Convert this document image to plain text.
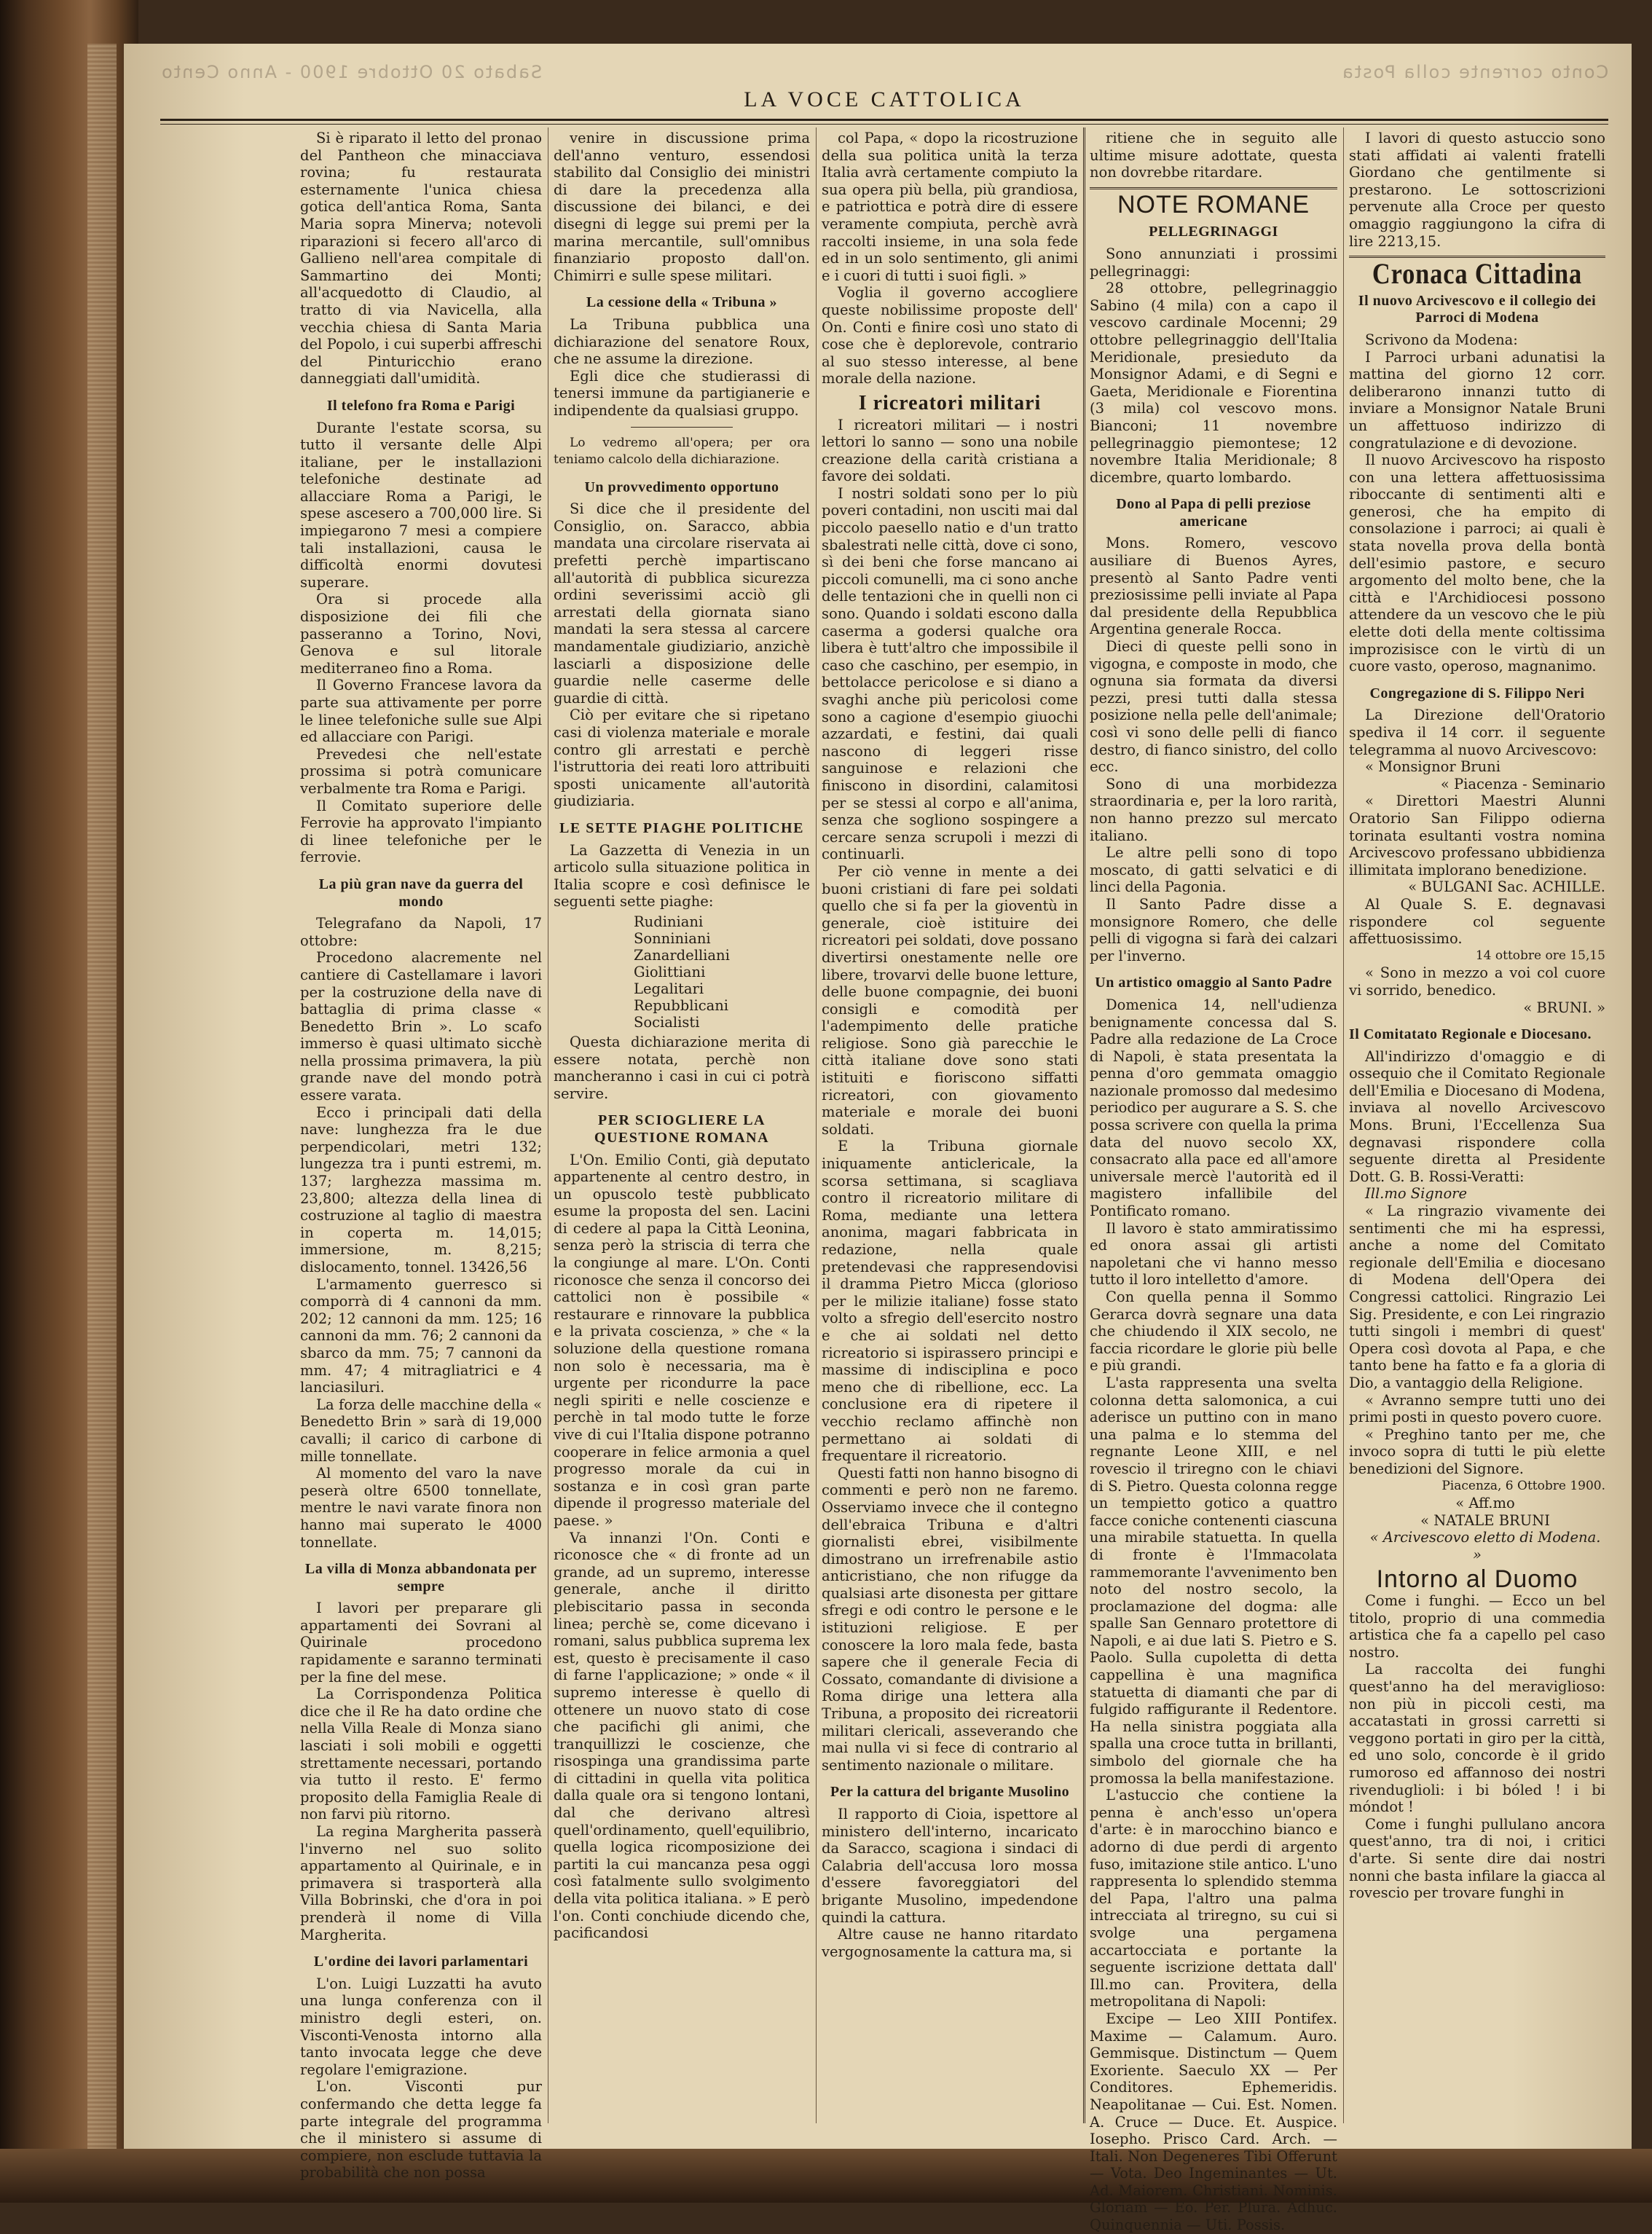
Sabato 20 Ottobre 1900 - Anno Cento	Conto corrente colla Posta
LA VOCE CATTOLICA

Si è riparato il letto del pronao del Pantheon che minacciava rovina; fu restaurata esternamente l'unica chiesa gotica dell'antica Roma, Santa Maria sopra Minerva; notevoli riparazioni si fecero all'arco di Gallieno nell'area compitale di Sammartino dei Monti; all'acquedotto di Claudio, al tratto di via Navicella, alla vecchia chiesa di Santa Maria del Popolo, i cui superbi affreschi del Pinturicchio erano danneggiati dall'umidità.

Il telefono fra Roma e Parigi

Durante l'estate scorsa, su tutto il versante delle Alpi italiane, per le installazioni telefoniche destinate ad allacciare Roma a Parigi, le spese ascesero a 700,000 lire. Si impiegarono 7 mesi a compiere tali installazioni, causa le difficoltà enormi dovutesi superare.

Ora si procede alla disposizione dei fili che passeranno a Torino, Novi, Genova e sul litorale mediterraneo fino a Roma.

Il Governo Francese lavora da parte sua attivamente per porre le linee telefoniche sulle sue Alpi ed allacciare con Parigi.

Prevedesi che nell'estate prossima si potrà comunicare verbalmente tra Roma e Parigi.

Il Comitato superiore delle Ferrovie ha approvato l'impianto di linee telefoniche per le ferrovie.

La più gran nave da guerra del mondo

Telegrafano da Napoli, 17 ottobre:

Procedono alacremente nel cantiere di Castellamare i lavori per la costruzione della nave di battaglia di prima classe « Benedetto Brin ». Lo scafo immerso è quasi ultimato sicchè nella prossima primavera, la più grande nave del mondo potrà essere varata.

Ecco i principali dati della nave: lunghezza fra le due perpendicolari, metri 132; lungezza tra i punti estremi, m. 137; larghezza massima m. 23,800; altezza della linea di costruzione al taglio di maestra in coperta m. 14,015; immersione, m. 8,215; dislocamento, tonnel. 13426,56

L'armamento guerresco si comporrà di 4 cannoni da mm. 202; 12 cannoni da mm. 125; 16 cannoni da mm. 76; 2 cannoni da sbarco da mm. 75; 7 cannoni da mm. 47; 4 mitragliatrici e 4 lanciasiluri.

La forza delle macchine della « Benedetto Brin » sarà di 19,000 cavalli; il carico di carbone di mille tonnellate.

Al momento del varo la nave peserà oltre 6500 tonnellate, mentre le navi varate finora non hanno mai superato le 4000 tonnellate.

La villa di Monza abbandonata per sempre

I lavori per preparare gli appartamenti dei Sovrani al Quirinale procedono rapidamente e saranno terminati per la fine del mese.

La Corrispondenza Politica dice che il Re ha dato ordine che nella Villa Reale di Monza siano lasciati i soli mobili e oggetti strettamente necessari, portando via tutto il resto. E' fermo proposito della Famiglia Reale di non farvi più ritorno.

La regina Margherita passerà l'inverno nel suo solito appartamento al Quirinale, e in primavera si trasporterà alla Villa Bobrinski, che d'ora in poi prenderà il nome di Villa Margherita.

L'ordine dei lavori parlamentari

L'on. Luigi Luzzatti ha avuto una lunga conferenza con il ministro degli esteri, on. Visconti-Venosta intorno alla tanto invocata legge che deve regolare l'emigrazione.

L'on. Visconti pur confermando che detta legge fa parte integrale del programma che il ministero si assume di compiere, non esclude tuttavia la probabilità che non possa

venire in discussione prima dell'anno venturo, essendosi stabilito dal Consiglio dei ministri di dare la precedenza alla discussione dei bilanci, e dei disegni di legge sui premi per la marina mercantile, sull'omnibus finanziario proposto dall'on. Chimirri e sulle spese militari.

La cessione della « Tribuna »

La Tribuna pubblica una dichiarazione del senatore Roux, che ne assume la direzione.

Egli dice che studierassi di tenersi immune da partigianerie e indipendente da qualsiasi gruppo.

Lo vedremo all'opera; per ora teniamo calcolo della dichiarazione.

Un provvedimento opportuno

Si dice che il presidente del Consiglio, on. Saracco, abbia mandata una circolare riservata ai prefetti perchè impartiscano all'autorità di pubblica sicurezza ordini severissimi acciò gli arrestati della giornata siano mandati la sera stessa al carcere mandamentale giudiziario, anzichè lasciarli a disposizione delle guardie nelle caserme delle guardie di città.

Ciò per evitare che si ripetano casi di violenza materiale e morale contro gli arrestati e perchè l'istruttoria dei reati loro attribuiti sposti unicamente all'autorità giudiziaria.

LE SETTE PIAGHE POLITICHE

La Gazzetta di Venezia in un articolo sulla situazione politica in Italia scopre e così definisce le seguenti sette piaghe:

Rudiniani
Sonniniani
Zanardelliani
Giolittiani
Legalitari
Repubblicani
Socialisti

Questa dichiarazione merita di essere notata, perchè non mancheranno i casi in cui ci potrà servire.

PER SCIOGLIERE LA QUESTIONE ROMANA

L'On. Emilio Conti, già deputato appartenente al centro destro, in un opuscolo testè pubblicato esume la proposta del sen. Lacini di cedere al papa la Città Leonina, senza però la striscia di terra che la congiunge al mare. L'On. Conti riconosce che senza il concorso dei cattolici non è possibile « restaurare e rinnovare la pubblica e la privata coscienza, » che « la soluzione della questione romana non solo è necessaria, ma è urgente per ricondurre la pace negli spiriti e nelle coscienze e perchè in tal modo tutte le forze vive di cui l'Italia dispone potranno cooperare in felice armonia a quel progresso morale da cui in sostanza e in così gran parte dipende il progresso materiale del paese. »

Va innanzi l'On. Conti e riconosce che « di fronte ad un grande, ad un supremo, interesse generale, anche il diritto plebiscitario passa in seconda linea; perchè se, come dicevano i romani, salus pubblica suprema lex est, questo è precisamente il caso di farne l'applicazione; » onde « il supremo interesse è quello di ottenere un nuovo stato di cose che pacifichi gli animi, che tranquillizzi le coscienze, che risospinga una grandissima parte di cittadini in quella vita politica dalla quale ora si tengono lontani, dal che derivano altresì quell'ordinamento, quell'equilibrio, quella logica ricomposizione dei partiti la cui mancanza pesa oggi così fatalmente sullo svolgimento della vita politica italiana. » E però l'on. Conti conchiude dicendo che, pacificandosi

col Papa, « dopo la ricostruzione della sua politica unità la terza Italia avrà certamente compiuto la sua opera più bella, più grandiosa, e patriottica e potrà dire di essere veramente compiuta, perchè avrà raccolti insieme, in una sola fede ed in un solo sentimento, gli animi e i cuori di tutti i suoi figli. »

Voglia il governo accogliere queste nobilissime proposte dell' On. Conti e finire così uno stato di cose che è deplorevole, contrario al suo stesso interesse, al bene morale della nazione.

I ricreatori militari

I ricreatori militari — i nostri lettori lo sanno — sono una nobile creazione della carità cristiana a favore dei soldati.

I nostri soldati sono per lo più poveri contadini, non usciti mai dal piccolo paesello natio e d'un tratto sbalestrati nelle città, dove ci sono, sì dei beni che forse mancano ai piccoli comunelli, ma ci sono anche delle tentazioni che in quelli non ci sono. Quando i soldati escono dalla caserma a godersi qualche ora libera è tutt'altro che impossibile il caso che caschino, per esempio, in bettolacce pericolose e si diano a svaghi anche più pericolosi come sono a cagione d'esempio giuochi azzardati, e festini, dai quali nascono di leggeri risse sanguinose e relazioni che finiscono in disordini, calamitosi per se stessi al corpo e all'anima, senza che sogliono sospingere a cercare senza scrupoli i mezzi di continuarli.

Per ciò venne in mente a dei buoni cristiani di fare pei soldati quello che si fa per la gioventù in generale, cioè istituire dei ricreatori pei soldati, dove possano divertirsi onestamente nelle ore libere, trovarvi delle buone letture, delle buone compagnie, dei buoni consigli e comodità per l'adempimento delle pratiche religiose. Sono già parecchie le città italiane dove sono stati istituiti e fioriscono siffatti ricreatori, con giovamento materiale e morale dei buoni soldati.

E la Tribuna giornale iniquamente anticlericale, la scorsa settimana, si scagliava contro il ricreatorio militare di Roma, mediante una lettera anonima, magari fabbricata in redazione, nella quale pretendevasi che rappresendovisi il dramma Pietro Micca (glorioso per le milizie italiane) fosse stato volto a sfregio dell'esercito nostro e che ai soldati nel detto ricreatorio si ispirassero principi e massime di indisciplina e poco meno che di ribellione, ecc. La conclusione era di ripetere il vecchio reclamo affinchè non permettano ai soldati di frequentare il ricreatorio.

Questi fatti non hanno bisogno di commenti e però non ne faremo. Osserviamo invece che il contegno dell'ebraica Tribuna e d'altri giornalisti ebrei, visibilmente dimostrano un irrefrenabile astio anticristiano, che non rifugge da qualsiasi arte disonesta per gittare sfregi e odi contro le persone e le istituzioni religiose. E per conoscere la loro mala fede, basta sapere che il generale Fecia di Cossato, comandante di divisione a Roma dirige una lettera alla Tribuna, a proposito dei ricreatorii militari clericali, asseverando che mai nulla vi si fece di contrario al sentimento nazionale o militare.

Per la cattura del brigante Musolino

Il rapporto di Cioia, ispettore al ministero dell'interno, incaricato da Saracco, scagiona i sindaci di Calabria dell'accusa loro mossa d'essere favoreggiatori del brigante Musolino, impedendone quindi la cattura.

Altre cause ne hanno ritardato vergognosamente la cattura ma, si

ritiene che in seguito alle ultime misure adottate, questa non dovrebbe ritardare.

NOTE ROMANE
PELLEGRINAGGI

Sono annunziati i prossimi pellegrinaggi:

28 ottobre, pellegrinaggio Sabino (4 mila) con a capo il vescovo cardinale Mocenni; 29 ottobre pellegrinaggio dell'Italia Meridionale, presieduto da Monsignor Adami, e di Segni e Gaeta, Meridionale e Fiorentina (3 mila) col vescovo mons. Bianconi; 11 novembre pellegrinaggio piemontese; 12 novembre Italia Meridionale; 8 dicembre, quarto lombardo.

Dono al Papa di pelli preziose americane

Mons. Romero, vescovo ausiliare di Buenos Ayres, presentò al Santo Padre venti preziosissime pelli inviate al Papa dal presidente della Repubblica Argentina generale Rocca.

Dieci di queste pelli sono in vigogna, e composte in modo, che ognuna sia formata da diversi pezzi, presi tutti dalla stessa posizione nella pelle dell'animale; così vi sono delle pelli di fianco destro, di fianco sinistro, del collo ecc.

Sono di una morbidezza straordinaria e, per la loro rarità, non hanno prezzo sul mercato italiano.

Le altre pelli sono di topo moscato, di gatti selvatici e di linci della Pagonia.

Il Santo Padre disse a monsignore Romero, che delle pelli di vigogna si farà dei calzari per l'inverno.

Un artistico omaggio al Santo Padre

Domenica 14, nell'udienza benignamente concessa dal S. Padre alla redazione de La Croce di Napoli, è stata presentata la penna d'oro gemmata omaggio nazionale promosso dal medesimo periodico per augurare a S. S. che possa scrivere con quella la prima data del nuovo secolo XX, consacrato alla pace ed all'amore universale mercè l'autorità ed il magistero infallibile del Pontificato romano.

Il lavoro è stato ammiratissimo ed onora assai gli artisti napoletani che vi hanno messo tutto il loro intelletto d'amore.

Con quella penna il Sommo Gerarca dovrà segnare una data che chiudendo il XIX secolo, ne faccia ricordare le glorie più belle e più grandi.

L'asta rappresenta una svelta colonna detta salomonica, a cui aderisce un puttino con in mano una palma e lo stemma del regnante Leone XIII, e nel rovescio il triregno con le chiavi di S. Pietro. Questa colonna regge un tempietto gotico a quattro facce coniche contenenti ciascuna una mirabile statuetta. In quella di fronte è l'Immacolata rammemorante l'avvenimento ben noto del nostro secolo, la proclamazione del dogma: alle spalle San Gennaro protettore di Napoli, e ai due lati S. Pietro e S. Paolo. Sulla cupoletta di detta cappellina è una magnifica statuetta di diamanti che par di fulgido raffigurante il Redentore. Ha nella sinistra poggiata alla spalla una croce tutta in brillanti, simbolo del giornale che ha promossa la bella manifestazione.

L'astuccio che contiene la penna è anch'esso un'opera d'arte: è in marocchino bianco e adorno di due perdi di argento fuso, imitazione stile antico. L'uno rappresenta lo splendido stemma del Papa, l'altro una palma intrecciata al triregno, su cui si svolge una pergamena accartocciata e portante la seguente iscrizione dettata dall' Ill.mo can. Provitera, della metropolitana di Napoli:

Excipe — Leo XIII Pontifex. Maxime — Calamum. Auro. Gemmisque. Distinctum — Quem Exoriente. Saeculo XX — Per Conditores. Ephemeridis. Neapolitanae — Cui. Est. Nomen. A. Cruce — Duce. Et. Auspice. Iosepho. Prisco Card. Arch. — Itali. Non Degeneres Tibi Offerunt — Vota. Deo Ingeminantes — Ut. Ad. Maiorem. Christiani. Nominis. Gloriam — Eo. Per. Plura. Adhuc. Quinquennia — Uti. Possis.

I lavori di questo astuccio sono stati affidati ai valenti fratelli Giordano che gentilmente si prestarono. Le sottoscrizioni pervenute alla Croce per questo omaggio raggiungono la cifra di lire 2213,15.

Cronaca Cittadina
Il nuovo Arcivescovo e il collegio dei Parroci di Modena

Scrivono da Modena:

I Parroci urbani adunatisi la mattina del giorno 12 corr. deliberarono innanzi tutto di inviare a Monsignor Natale Bruni un affettuoso indirizzo di congratulazione e di devozione.

Il nuovo Arcivescovo ha risposto con una lettera affettuosissima riboccante di sentimenti alti e generosi, che ha empito di consolazione i parroci; ai quali è stata novella prova della bontà dell'esimio pastore, e securo argomento del molto bene, che la città e l'Archidiocesi possono attendere da un vescovo che le più elette doti della mente coltissima improzisisce con le virtù di un cuore vasto, operoso, magnanimo.

Congregazione di S. Filippo Neri

La Direzione dell'Oratorio spediva il 14 corr. il seguente telegramma al nuovo Arcivescovo:

« Monsignor Bruni

« Piacenza - Seminario

« Direttori Maestri Alunni Oratorio San Filippo odierna torinata esultanti vostra nomina Arcivescovo professano ubbidienza illimitata implorano benedizione.

« BULGANI Sac. ACHILLE.

Al Quale S. E. degnavasi rispondere col seguente affettuosissimo.

14 ottobre ore 15,15

« Sono in mezzo a voi col cuore vi sorrido, benedico.

« BRUNI. »

Il Comitatato Regionale e Diocesano.

All'indirizzo d'omaggio e di ossequio che il Comitato Regionale dell'Emilia e Diocesano di Modena, inviava al novello Arcivescovo Mons. Bruni, l'Eccellenza Sua degnavasi rispondere colla seguente diretta al Presidente Dott. G. B. Rossi-Veratti:

Ill.mo Signore

« La ringrazio vivamente dei sentimenti che mi ha espressi, anche a nome del Comitato regionale dell'Emilia e diocesano di Modena dell'Opera dei Congressi cattolici. Ringrazio Lei Sig. Presidente, e con Lei ringrazio tutti singoli i membri di quest' Opera così dovota al Papa, e che tanto bene ha fatto e fa a gloria di Dio, a vantaggio della Religione.

« Avranno sempre tutti uno dei primi posti in questo povero cuore.

« Preghino tanto per me, che invoco sopra di tutti le più elette benedizioni del Signore.

Piacenza, 6 Ottobre 1900.

« Aff.mo

« NATALE BRUNI

« Arcivescovo eletto di Modena. »

Intorno al Duomo

Come i funghi. — Ecco un bel titolo, proprio di una commedia artistica che fa a capello pel caso nostro.

La raccolta dei funghi quest'anno ha del meraviglioso: non più in piccoli cesti, ma accatastati in grossi carretti si veggono portati in giro per la città, ed uno solo, concorde è il grido rumoroso ed affannoso dei nostri rivenduglioli: i bi bóled ! i bi móndot !

Come i funghi pullulano ancora quest'anno, tra di noi, i critici d'arte. Si sente dire dai nostri nonni che basta infilare la giacca al rovescio per trovare funghi in
